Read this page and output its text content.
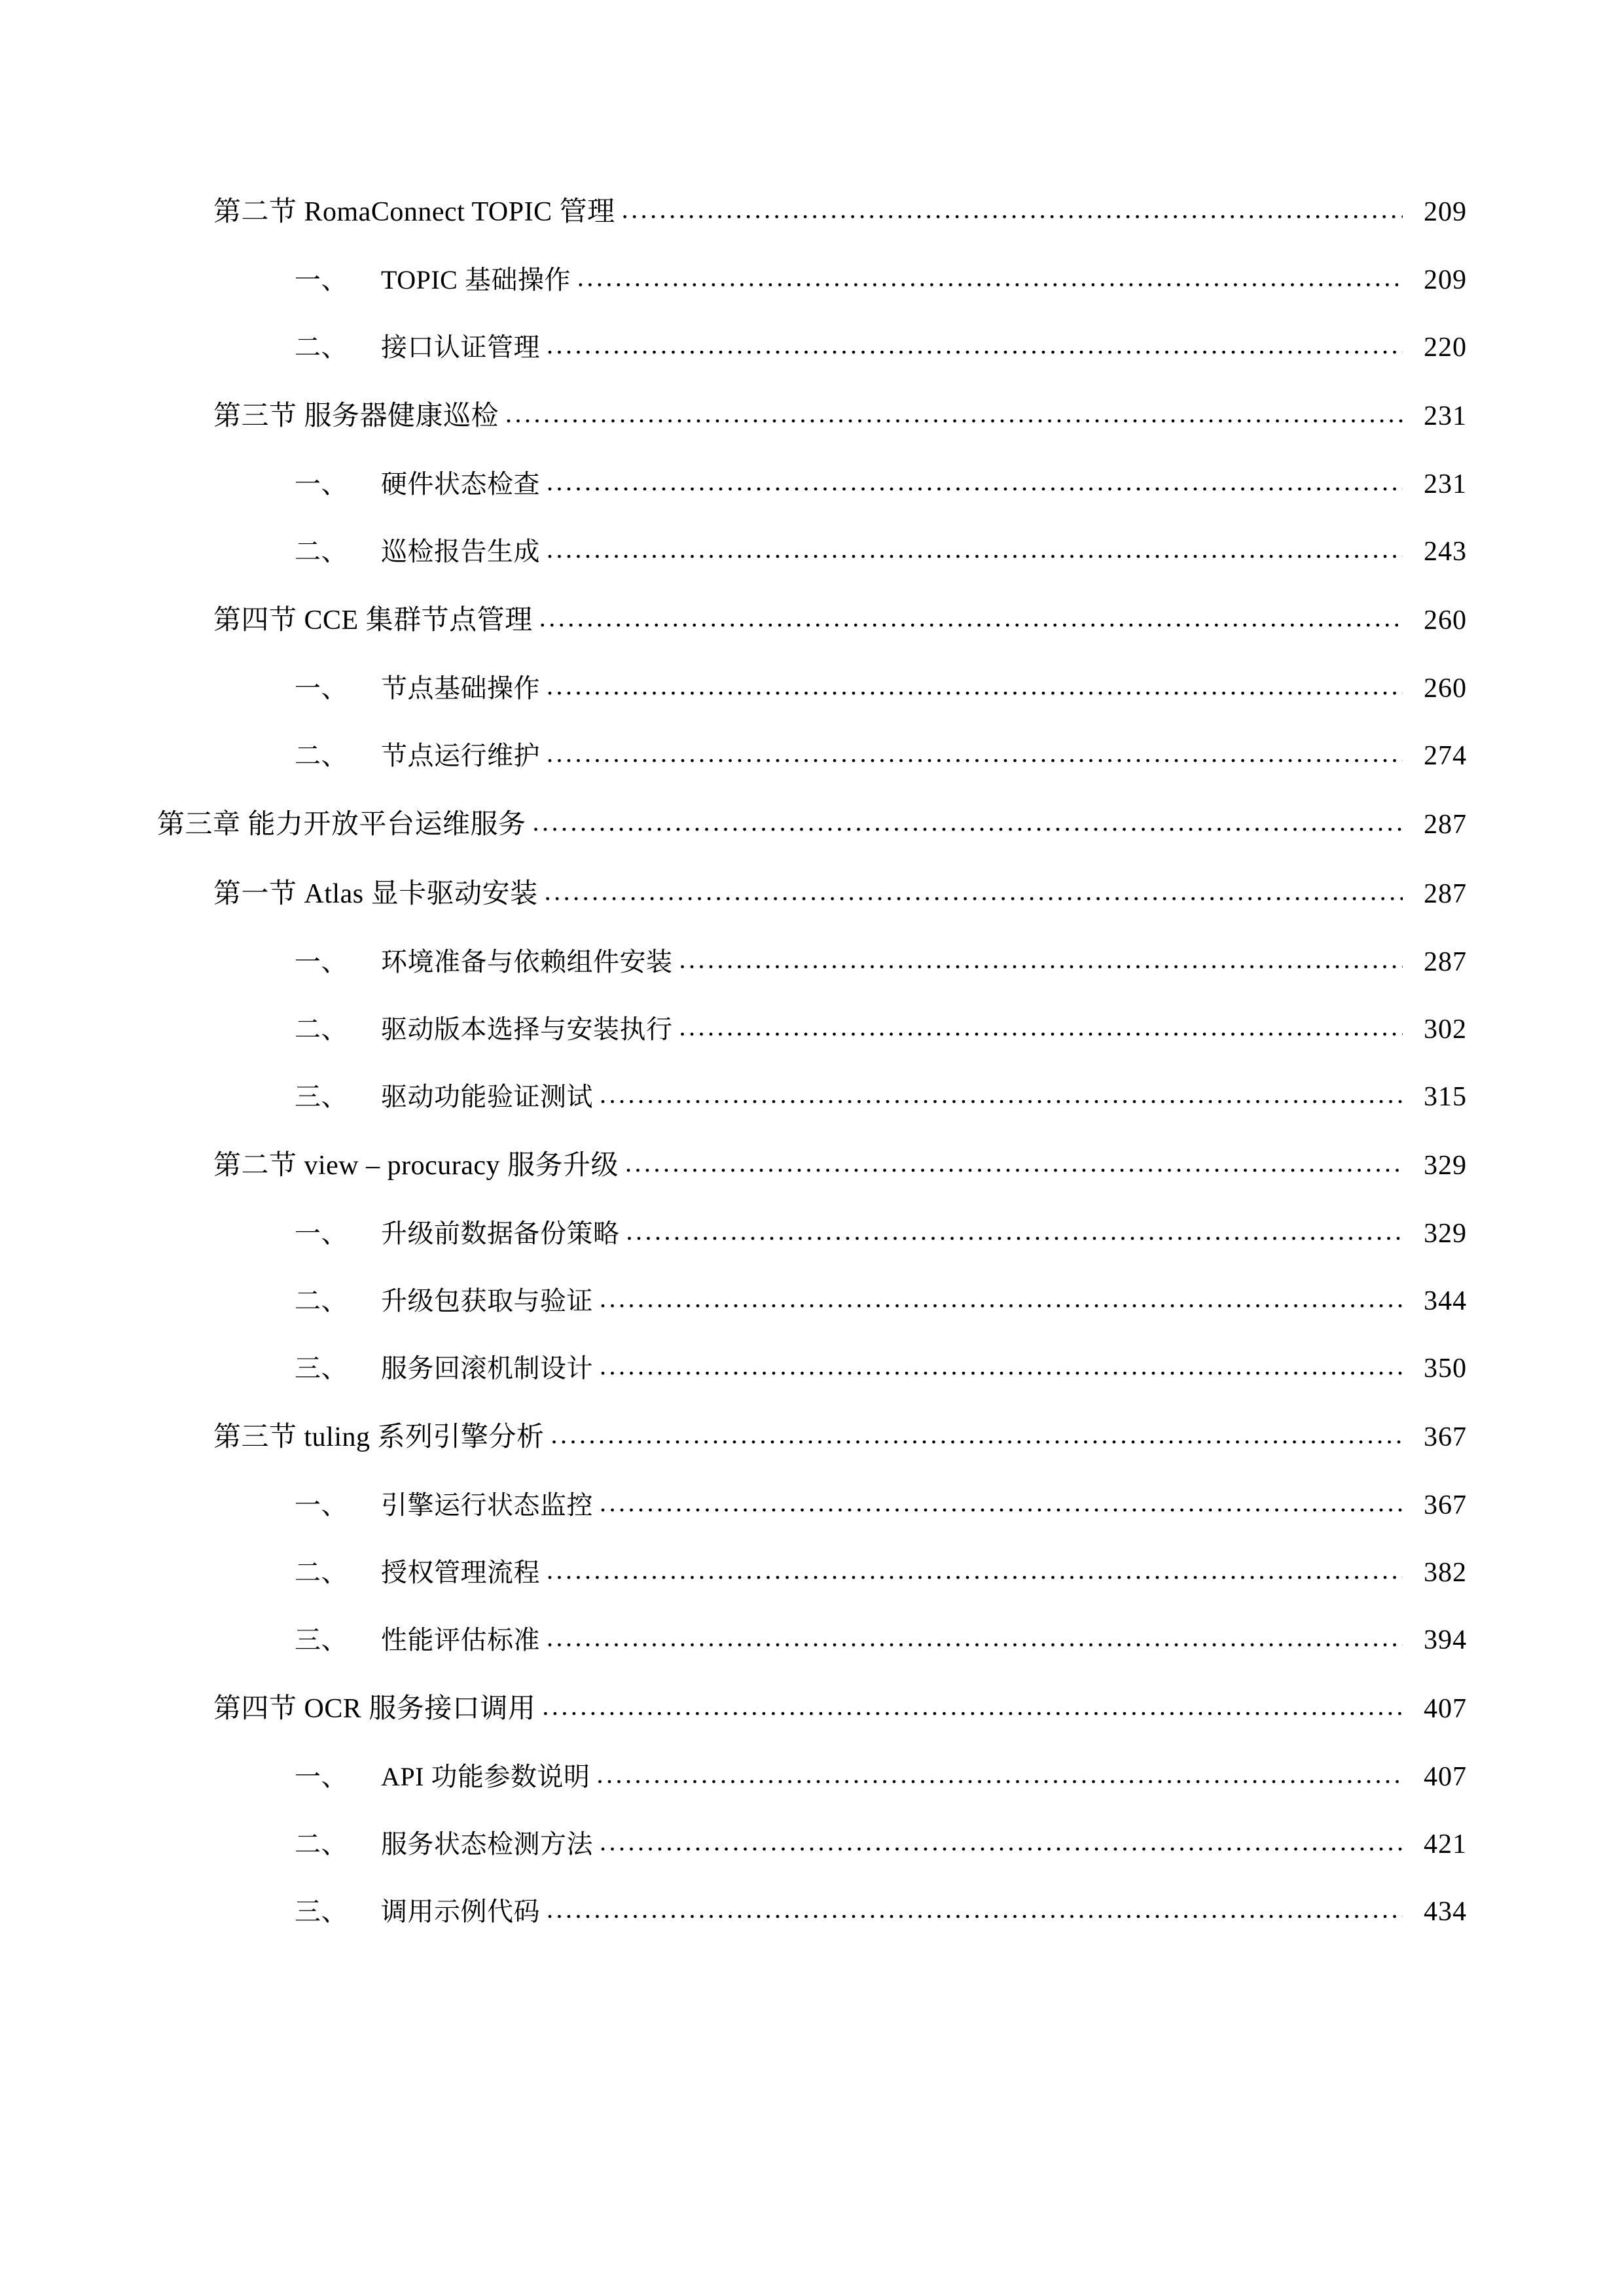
第二节 RomaConnect TOPIC 管理 .....	209
一、	TOPIC 基础操作 .....	209
二、	接口认证管理 .....	220
第三节 服务器健康巡检 .....	231
一、	硬件状态检查 .....	231
二、	巡检报告生成 .....	243
第四节 CCE 集群节点管理 .....	260
一、	节点基础操作 .....	260
二、	节点运行维护 .....	274
第三章 能力开放平台运维服务 .....	287
第一节 Atlas 显卡驱动安装 .....	287
一、	环境准备与依赖组件安装 .....	287
二、	驱动版本选择与安装执行 .....	302
三、	驱动功能验证测试 .....	315
第二节 view – procuracy 服务升级 .....	329
一、	升级前数据备份策略 .....	329
二、	升级包获取与验证 .....	344
三、	服务回滚机制设计 .....	350
第三节 tuling 系列引擎分析 .....	367
一、	引擎运行状态监控 .....	367
二、	授权管理流程 .....	382
三、	性能评估标准 .....	394
第四节 OCR 服务接口调用 .....	407
一、	API 功能参数说明 .....	407
二、	服务状态检测方法 .....	421
三、	调用示例代码 .....	434
